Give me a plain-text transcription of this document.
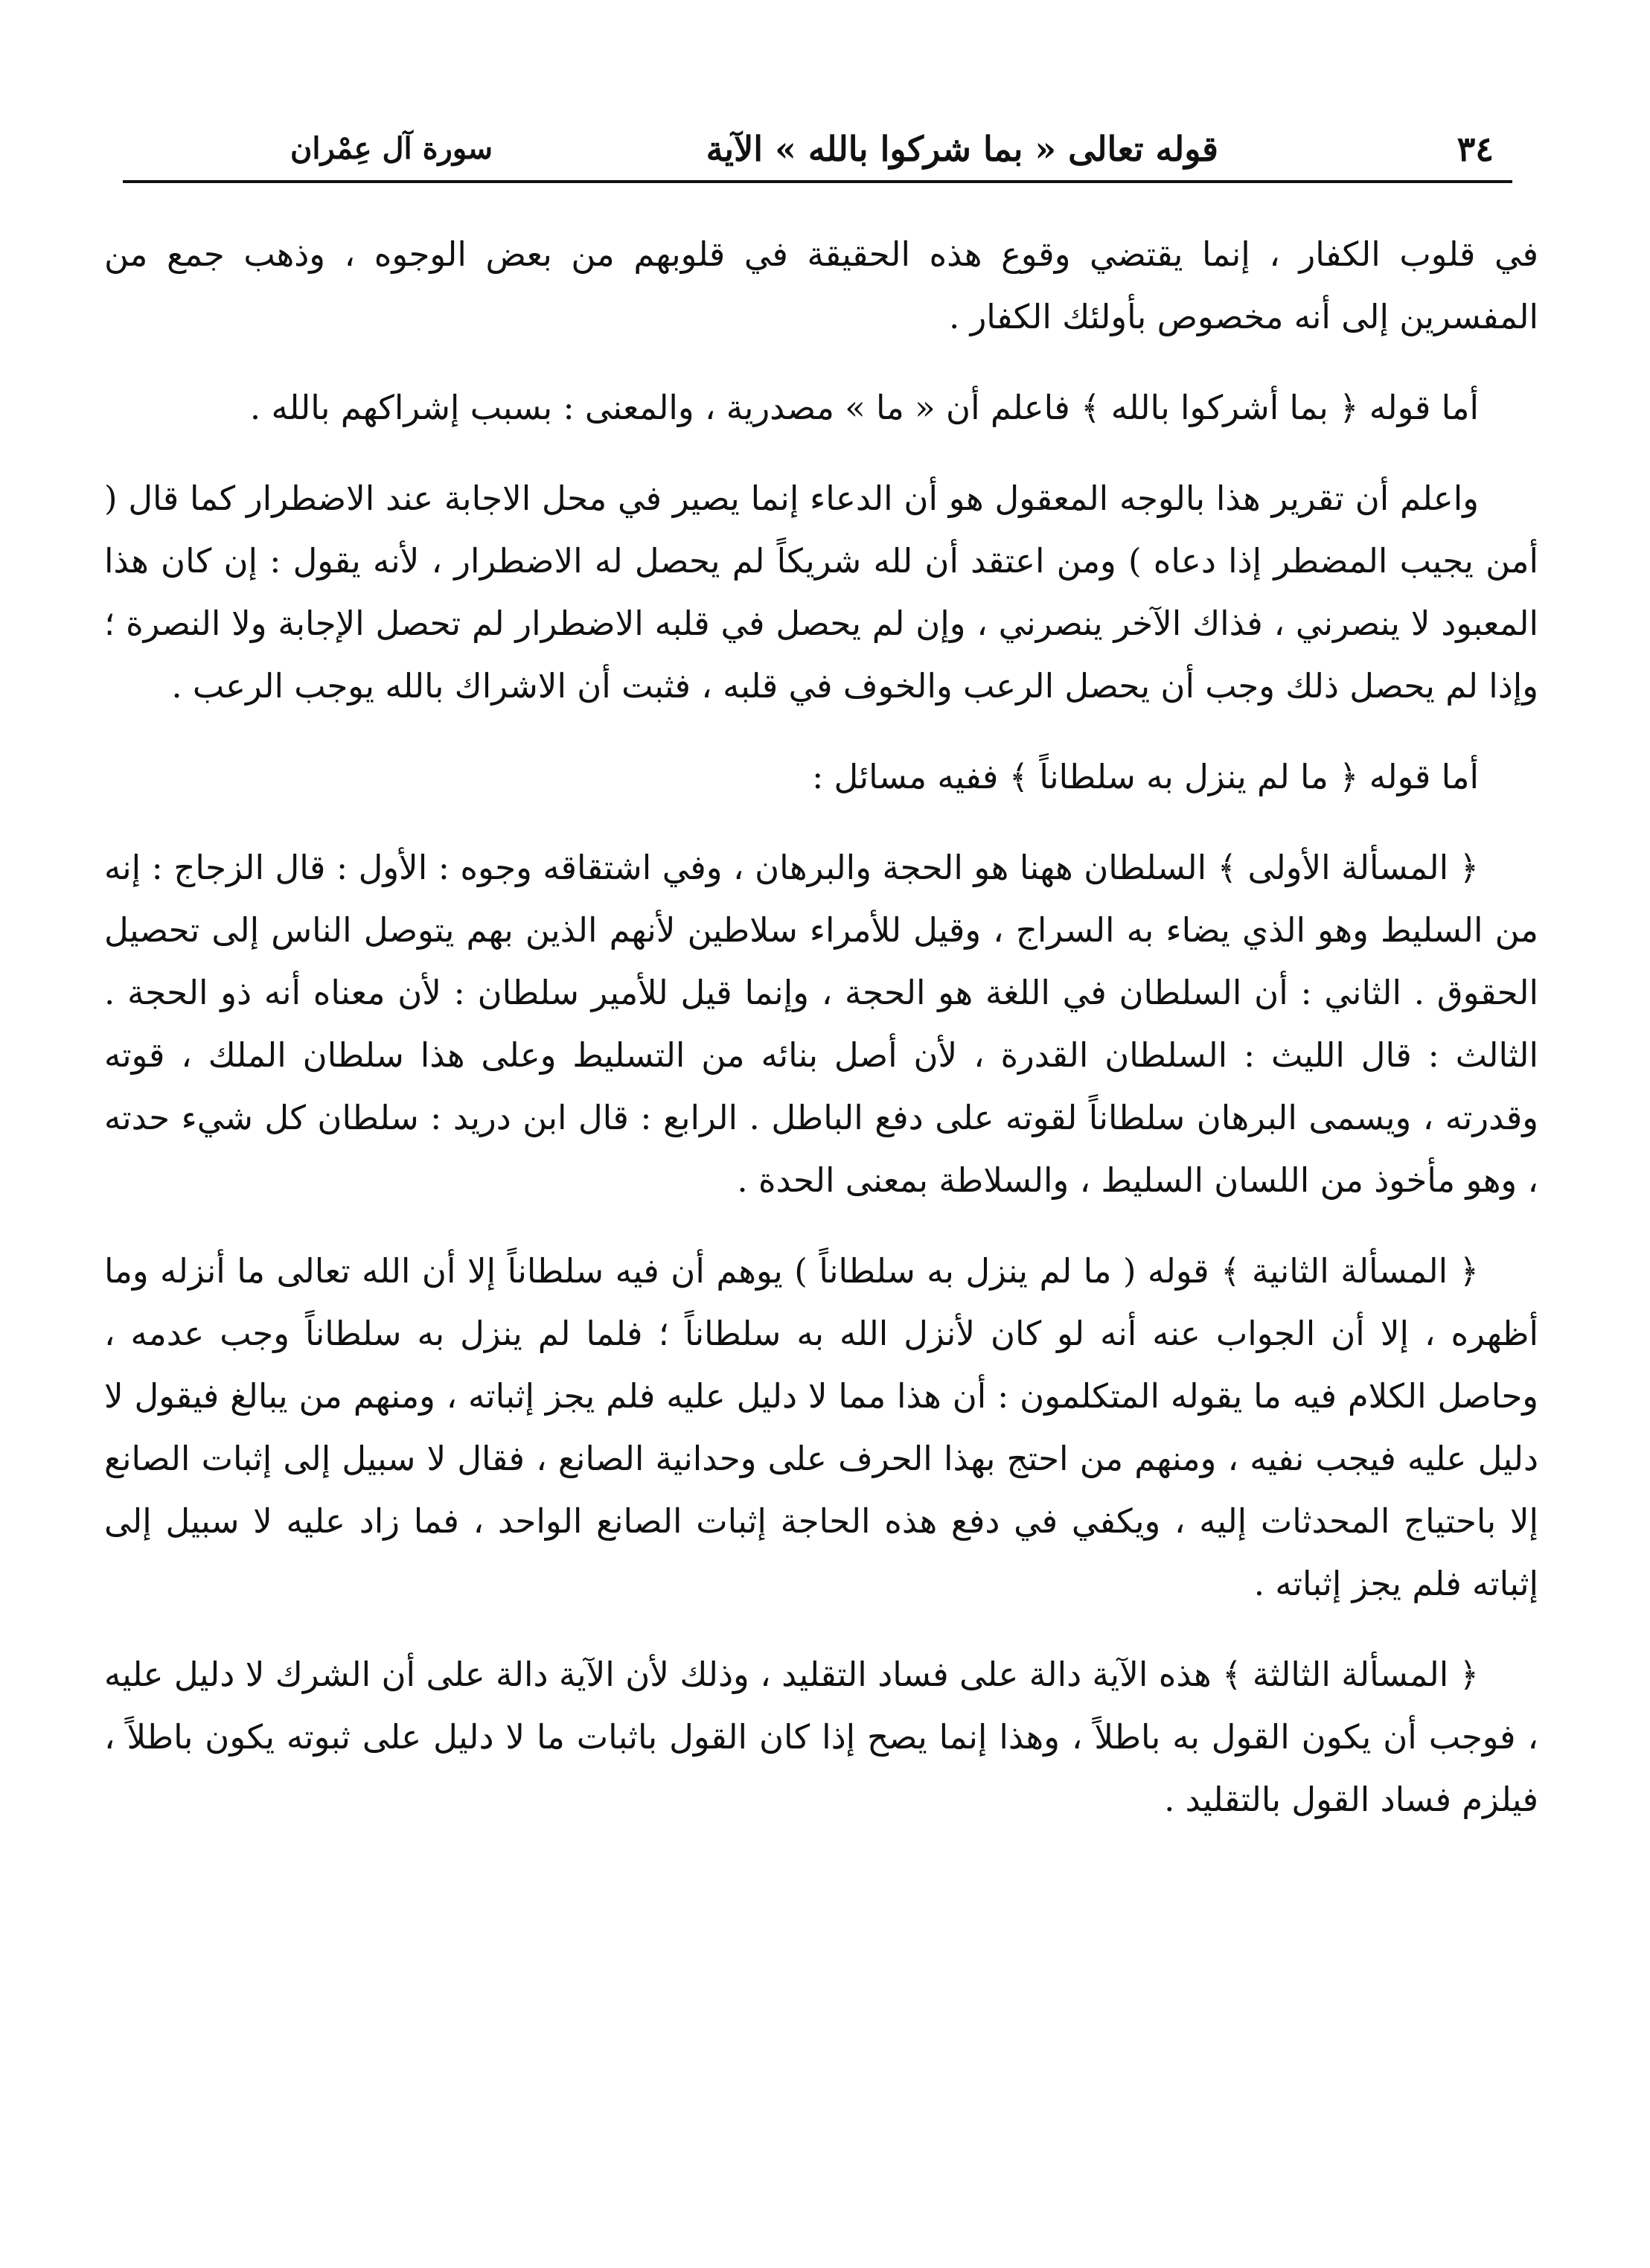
٣٤
قوله تعالى « بما شركوا بالله » الآية
سورة آل عِمْران

في قلوب الكفار ، إنما يقتضي وقوع هذه الحقيقة في قلوبهم من بعض الوجوه ، وذهب جمع من المفسرين إلى أنه مخصوص بأولئك الكفار .

أما قوله ﴿ بما أشركوا بالله ﴾ فاعلم أن « ما » مصدرية ، والمعنى : بسبب إشراكهم بالله .

واعلم أن تقرير هذا بالوجه المعقول هو أن الدعاء إنما يصير في محل الاجابة عند الاضطرار كما قال ( أمن يجيب المضطر إذا دعاه ) ومن اعتقد أن لله شريكاً لم يحصل له الاضطرار ، لأنه يقول : إن كان هذا المعبود لا ينصرني ، فذاك الآخر ينصرني ، وإن لم يحصل في قلبه الاضطرار لم تحصل الإجابة ولا النصرة ؛ وإذا لم يحصل ذلك وجب أن يحصل الرعب والخوف في قلبه ، فثبت أن الاشراك بالله يوجب الرعب .

أما قوله ﴿ ما لم ينزل به سلطاناً ﴾ ففيه مسائل :

﴿ المسألة الأولى ﴾ السلطان ههنا هو الحجة والبرهان ، وفي اشتقاقه وجوه : الأول : قال الزجاج : إنه من السليط وهو الذي يضاء به السراج ، وقيل للأمراء سلاطين لأنهم الذين بهم يتوصل الناس إلى تحصيل الحقوق . الثاني : أن السلطان في اللغة هو الحجة ، وإنما قيل للأمير سلطان : لأن معناه أنه ذو الحجة . الثالث : قال الليث : السلطان القدرة ، لأن أصل بنائه من التسليط وعلى هذا سلطان الملك ، قوته وقدرته ، ويسمى البرهان سلطاناً لقوته على دفع الباطل . الرابع : قال ابن دريد : سلطان كل شيء حدته ، وهو مأخوذ من اللسان السليط ، والسلاطة بمعنى الحدة .

﴿ المسألة الثانية ﴾ قوله ( ما لم ينزل به سلطاناً ) يوهم أن فيه سلطاناً إلا أن الله تعالى ما أنزله وما أظهره ، إلا أن الجواب عنه أنه لو كان لأنزل الله به سلطاناً ؛ فلما لم ينزل به سلطاناً وجب عدمه ، وحاصل الكلام فيه ما يقوله المتكلمون : أن هذا مما لا دليل عليه فلم يجز إثباته ، ومنهم من يبالغ فيقول لا دليل عليه فيجب نفيه ، ومنهم من احتج بهذا الحرف على وحدانية الصانع ، فقال لا سبيل إلى إثبات الصانع إلا باحتياج المحدثات إليه ، ويكفي في دفع هذه الحاجة إثبات الصانع الواحد ، فما زاد عليه لا سبيل إلى إثباته فلم يجز إثباته .

﴿ المسألة الثالثة ﴾ هذه الآية دالة على فساد التقليد ، وذلك لأن الآية دالة على أن الشرك لا دليل عليه ، فوجب أن يكون القول به باطلاً ، وهذا إنما يصح إذا كان القول باثبات ما لا دليل على ثبوته يكون باطلاً ، فيلزم فساد القول بالتقليد .
